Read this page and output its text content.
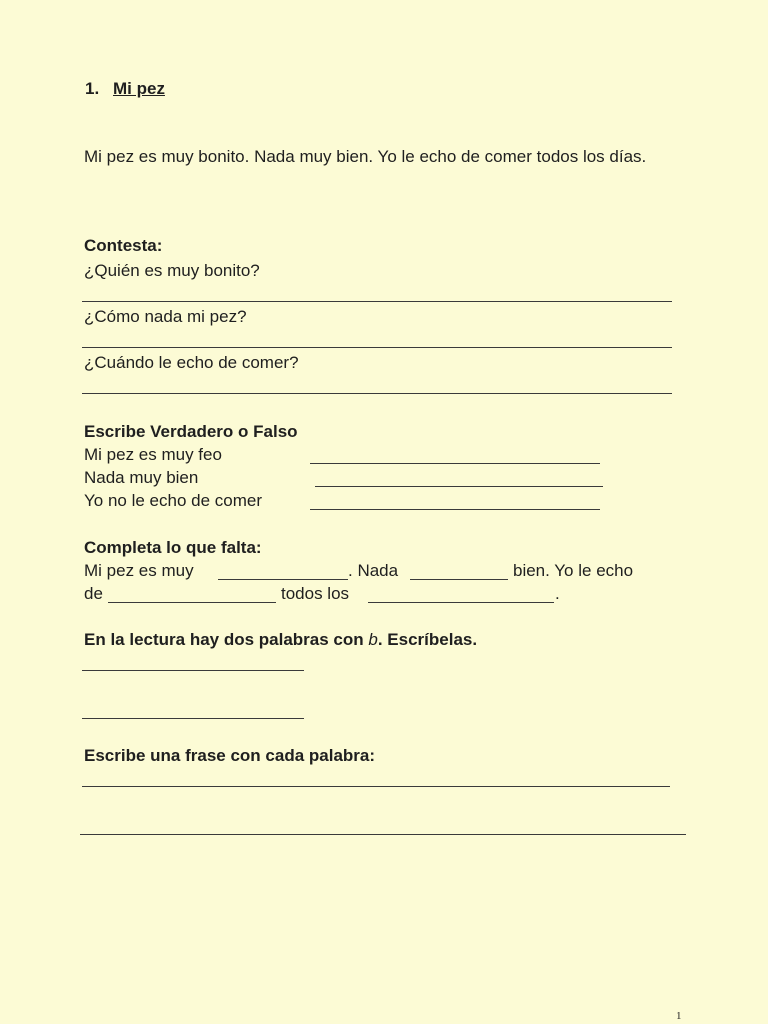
1. Mi pez
Mi pez es muy bonito. Nada muy bien. Yo le echo de comer todos los días.
Contesta:
¿Quién es muy bonito?
¿Cómo nada mi pez?
¿Cuándo le echo de comer?
Escribe Verdadero o Falso
Mi pez es muy feo
Nada muy bien
Yo no le echo de comer
Completa lo que falta:
Mi pez es muy	. Nada	bien. Yo le echo
de	todos los	.
En la lectura hay dos palabras con b. Escríbelas.
Escribe una frase con cada palabra:
1
